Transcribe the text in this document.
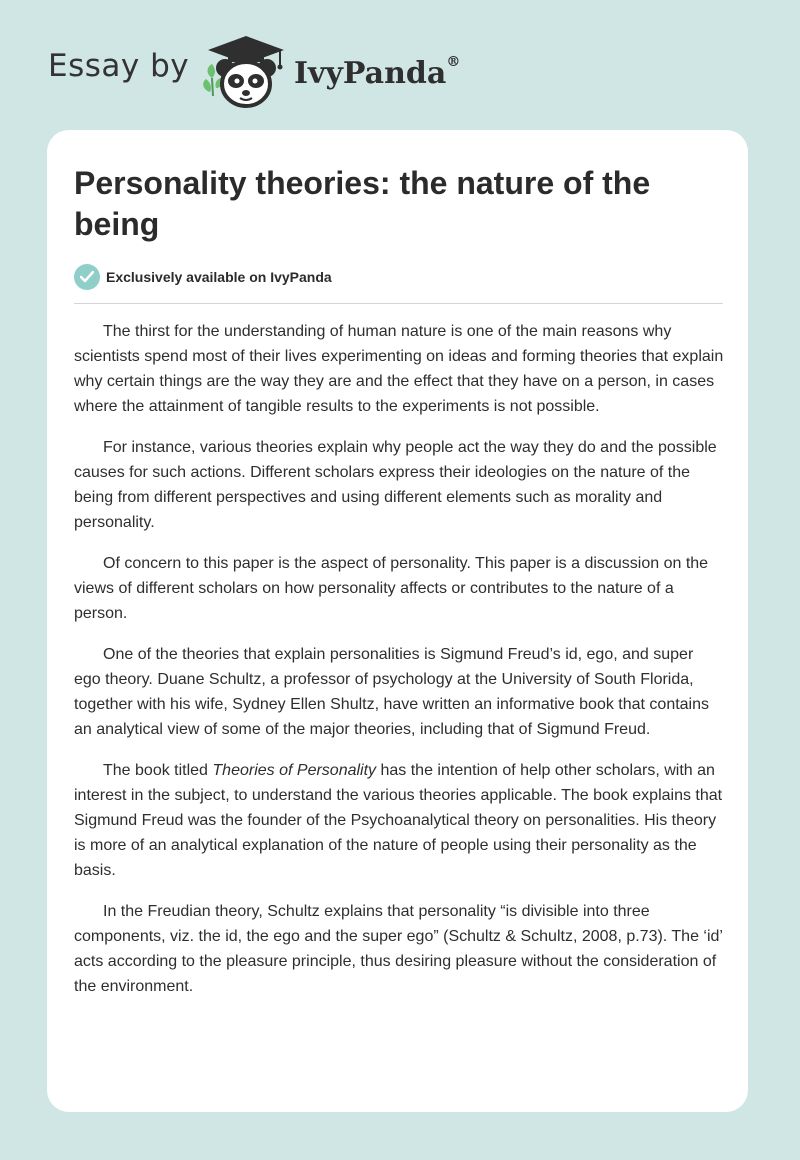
Essay by	IvyPanda®
Personality theories: the nature of the being
Exclusively available on IvyPanda

The thirst for the understanding of human nature is one of the main reasons why scientists spend most of their lives experimenting on ideas and forming theories that explain why certain things are the way they are and the effect that they have on a person, in cases where the attainment of tangible results to the experiments is not possible.

For instance, various theories explain why people act the way they do and the possible causes for such actions. Different scholars express their ideologies on the nature of the being from different perspectives and using different elements such as morality and personality.

Of concern to this paper is the aspect of personality. This paper is a discussion on the views of different scholars on how personality affects or contributes to the nature of a person.

One of the theories that explain personalities is Sigmund Freud’s id, ego, and super ego theory. Duane Schultz, a professor of psychology at the University of South Florida, together with his wife, Sydney Ellen Shultz, have written an informative book that contains an analytical view of some of the major theories, including that of Sigmund Freud.

The book titled Theories of Personality has the intention of help other scholars, with an interest in the subject, to understand the various theories applicable. The book explains that Sigmund Freud was the founder of the Psychoanalytical theory on personalities. His theory is more of an analytical explanation of the nature of people using their personality as the basis.

In the Freudian theory, Schultz explains that personality “is divisible into three components, viz. the id, the ego and the super ego” (Schultz & Schultz, 2008, p.73). The ‘id’ acts according to the pleasure principle, thus desiring pleasure without the consideration of the environment.
